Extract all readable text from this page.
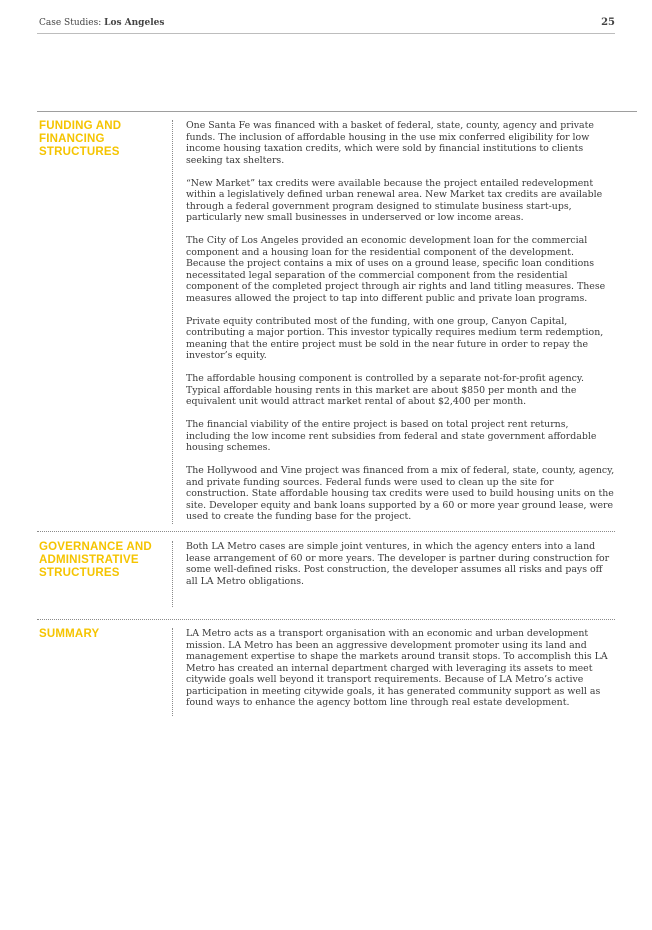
Case Studies: Los Angeles	25
FUNDING AND FINANCING STRUCTURES

One Santa Fe was financed with a basket of federal, state, county, agency and private funds. The inclusion of affordable housing in the use mix conferred eligibility for low income housing taxation credits, which were sold by financial institutions to clients seeking tax shelters.

“New Market” tax credits were available because the project entailed redevelopment within a legislatively defined urban renewal area. New Market tax credits are available through a federal government program designed to stimulate business start-ups, particularly new small businesses in underserved or low income areas.

The City of Los Angeles provided an economic development loan for the commercial component and a housing loan for the residential component of the development. Because the project contains a mix of uses on a ground lease, specific loan conditions necessitated legal separation of the commercial component from the residential component of the completed project through air rights and land titling measures. These measures allowed the project to tap into different public and private loan programs.

Private equity contributed most of the funding, with one group, Canyon Capital, contributing a major portion. This investor typically requires medium term redemption, meaning that the entire project must be sold in the near future in order to repay the investor’s equity.

The affordable housing component is controlled by a separate not-for-profit agency. Typical affordable housing rents in this market are about $850 per month and the equivalent unit would attract market rental of about $2,400 per month.

The financial viability of the entire project is based on total project rent returns, including the low income rent subsidies from federal and state government affordable housing schemes.

The Hollywood and Vine project was financed from a mix of federal, state, county, agency, and private funding sources. Federal funds were used to clean up the site for construction. State affordable housing tax credits were used to build housing units on the site. Developer equity and bank loans supported by a 60 or more year ground lease, were used to create the funding base for the project.

GOVERNANCE AND ADMINISTRATIVE STRUCTURES

Both LA Metro cases are simple joint ventures, in which the agency enters into a land lease arrangement of 60 or more years. The developer is partner during construction for some well-defined risks. Post construction, the developer assumes all risks and pays off all LA Metro obligations.

SUMMARY	LA Metro acts as a transport organisation with an economic and urban development mission. LA Metro has been an aggressive development promoter using its land and management expertise to shape the markets around transit stops. To accomplish this LA Metro has created an internal department charged with leveraging its assets to meet citywide goals well beyond it transport requirements. Because of LA Metro’s active participation in meeting citywide goals, it has generated community support as well as found ways to enhance the agency bottom line through real estate development.
